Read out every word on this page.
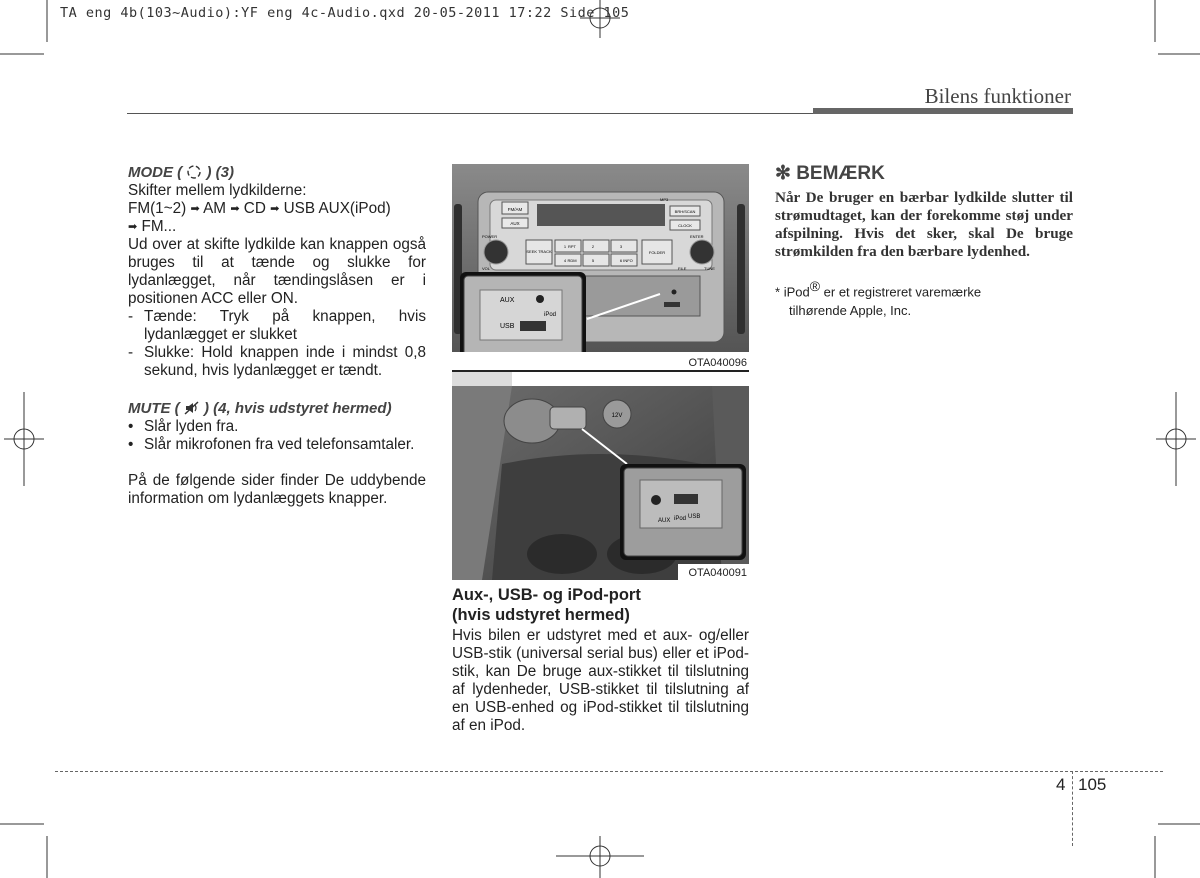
TA eng 4b(103~Audio):YF eng 4c-Audio.qxd 20-05-2011 17:22 Side 105
Bilens funktioner

MODE ( ) (3)

Skifter mellem lydkilderne:

FM(1~2) ➡ AM ➡ CD ➡ USB AUX(iPod)
➡ FM...

Ud over at skifte lydkilde kan knappen også bruges til at tænde og slukke for lydanlægget, når tændingslåsen er i positionen ACC eller ON.

- Tænde: Tryk på knappen, hvis lydanlægget er slukket
- Slukke: Hold knappen inde i mindst 0,8 sekund, hvis lydanlægget er tændt.

MUTE ( ) (4, hvis udstyret hermed)

• Slår lyden fra.
• Slår mikrofonen fra ved telefonsamtaler.

På de følgende sider finder De uddybende information om lydanlæggets knapper.

FM/AM
AUX
BRH/SCAN
CLOCK
MP3
POWER
VOL
ENTER
FILE	TUNE
SEEK TRACK	FOLDER
1	2	3
4	5	6
RPT
RDM	INFO
AUX
iPod
USB
OTA040096
12V
AUX iPod USB
OTA040091

Aux-, USB- og iPod-port (hvis udstyret hermed)

Hvis bilen er udstyret med et aux- og/eller USB-stik (universal serial bus) eller et iPod-stik, kan De bruge aux-stikket til tilslutning af lydenheder, USB-stikket til tilslutning af en USB-enhed og iPod-stikket til tilslutning af en iPod.

✻ BEMÆRK

Når De bruger en bærbar lydkilde slutter til strømudtaget, kan der forekomme støj under afspilning. Hvis det sker, skal De bruge strømkilden fra den bærbare lydenhed.

* iPod® er et registreret varemærke
tilhørende Apple, Inc.
4 105
